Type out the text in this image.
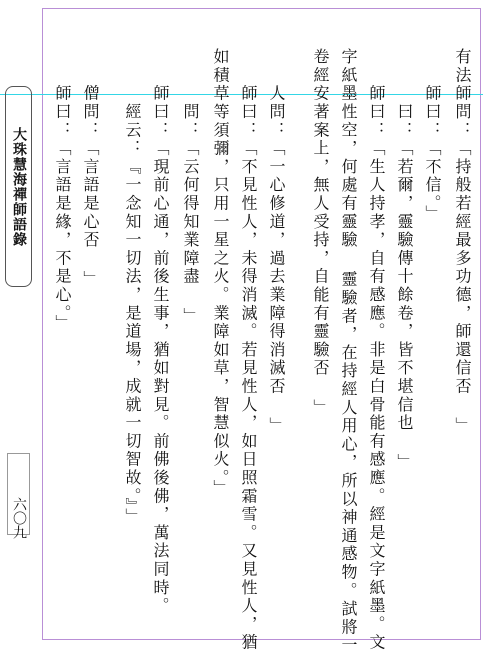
大珠慧海禪師語錄
六〇九
有法師問：「持般若經最多功德，師還信否 」
　　師曰：「不信。」
　　　曰：「若爾，靈驗傳十餘卷，皆不堪信也 」
　　師曰：「生人持孝，自有感應。非是白骨能有感應。經是文字紙墨。文
字紙墨性空，何處有靈驗 靈驗者，在持經人用心，所以神通感物。試將一
卷經安著案上，無人受持，自能有靈驗否 」
　　人問：「一心修道，過去業障得消滅否 」
　　師曰：「不見性人，未得消滅。若見性人，如日照霜雪。又見性人，猶
如積草等須彌，只用一星之火。業障如草，智慧似火。」
　　　問：「云何得知業障盡 」
　　師曰：「現前心通，前後生事，猶如對見。前佛後佛，萬法同時。
　　　經云：『一念知一切法，是道場，成就一切智故。』」
　　僧問：「言語是心否 」
　　師曰：「言語是緣，不是心。」
